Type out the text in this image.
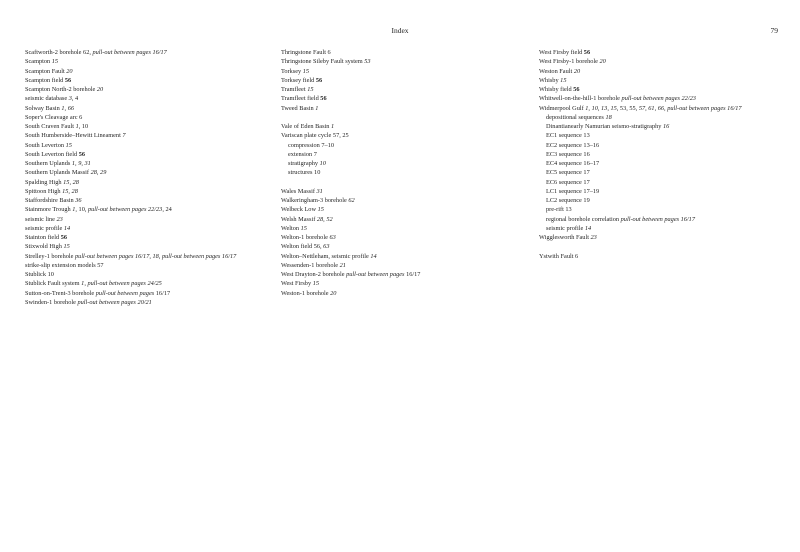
Index	79
Scaftworth-2 borehole 62, pull-out between pages 16/17
Scampton 15
Scampton Fault 20
Scampton field 56
Scampton North-2 borehole 20
seismic database 3, 4
Solway Basin 1, 66
Soper's Cleavage arc 6
South Craven Fault 1, 10
South Humberside–Hewitt Lineament 7
South Leverton 15
South Leverton field 56
Southern Uplands 1, 9, 31
Southern Uplands Massif 28, 29
Spalding High 15, 28
Spittoon High 15, 28
Staffordshire Basin 36
Stainmore Trough 1, 10, pull-out between pages 22/23, 24
seismic line 23
seismic profile 14
Stainton field 56
Stixwold High 15
Strelley-1 borehole pull-out between pages 16/17, 18, pull-out between pages 16/17
strike-slip extension models 57
Stublick 10
Stublick Fault system 1, pull-out between pages 24/25
Sutton-on-Trent-3 borehole pull-out between pages 16/17
Swinden-1 borehole pull-out between pages 20/21
Thringstone Fault 6
Thringstone Sileby Fault system 53
Torksey 15
Torksey field 56
Tramfleet 15
Tramfleet field 56
Tweed Basin 1
Vale of Eden Basin 1
Variscan plate cycle 57, 25
compression 7–10
extension 7
stratigraphy 10
structures 10
Wales Massif 31
Walkeringham-3 borehole 62
Welbeck Low 15
Welsh Massif 28, 52
Welton 15
Welton-1 borehole 63
Welton field 56, 63
Welton–Nettleham, seismic profile 14
Wessenden-1 borehole 21
West Drayton-2 borehole pull-out between pages 16/17
West Firsby 15
Weston-1 borehole 20
West Firsby field 56
West Firsby-1 borehole 20
Weston Fault 20
Whisby 15
Whisby field 56
Whitwell-on-the-hill-1 borehole pull-out between pages 22/23
Widmerpool Gulf 1, 10, 13, 15, 53, 55, 57, 61, 66, pull-out between pages 16/17
depositional sequences 18
Dinantianearly Namurian seismo-stratigraphy 16
EC1 sequence 13
EC2 sequence 13–16
EC3 sequence 16
EC4 sequence 16–17
EC5 sequence 17
EC6 sequence 17
LC1 sequence 17–19
LC2 sequence 19
pre-rift 13
regional borehole correlation pull-out between pages 16/17
seismic profile 14
Wigglesworth Fault 23
Ystwith Fault 6
